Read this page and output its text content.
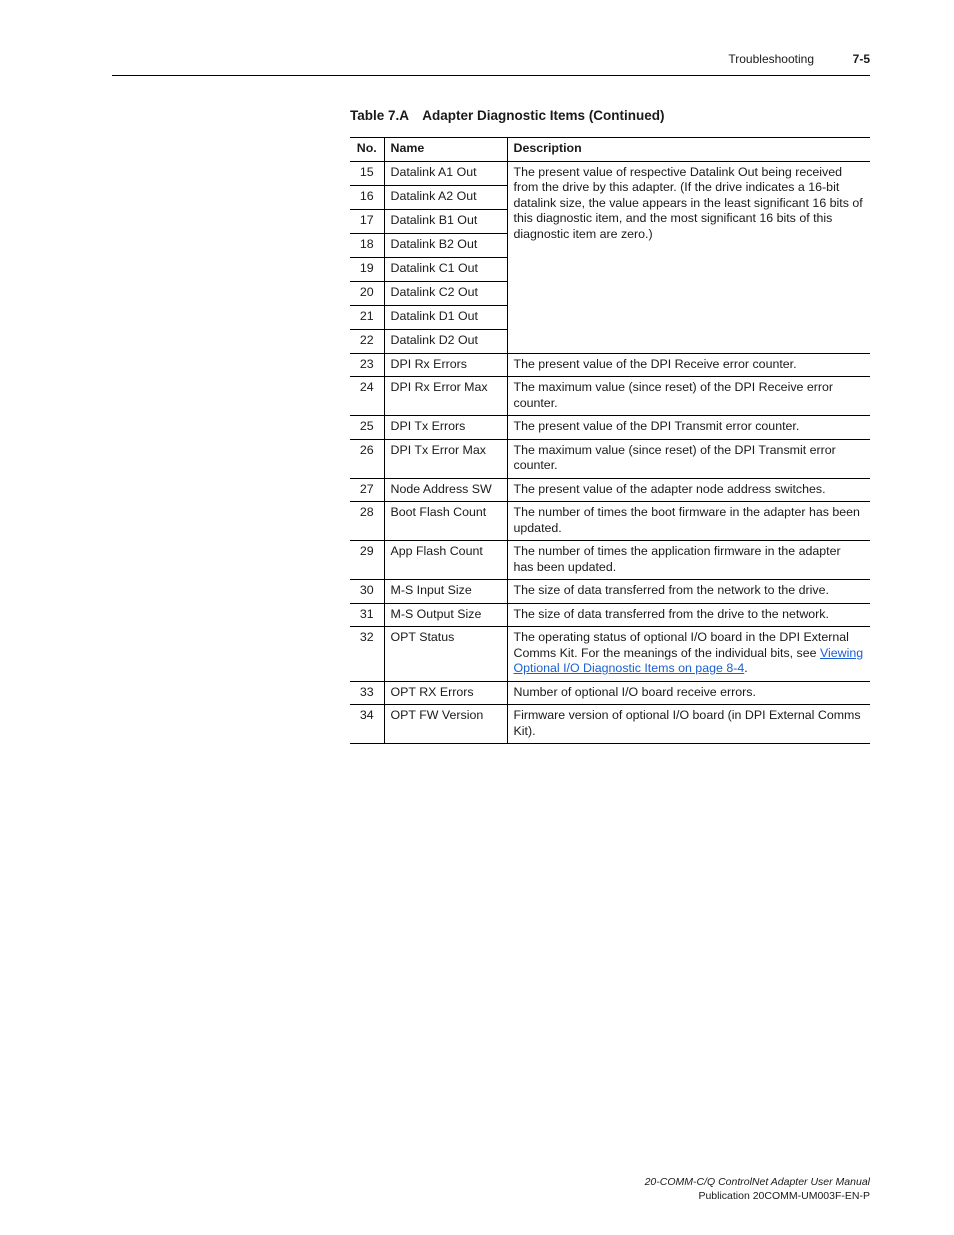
Troubleshooting	7-5
Table 7.A Adapter Diagnostic Items (Continued)
No.	Name	Description
15	Datalink A1 Out	The present value of respective Datalink Out being received from the drive by this adapter. (If the drive indicates a 16-bit datalink size, the value appears in the least significant 16 bits of this diagnostic item, and the most significant 16 bits of this diagnostic item are zero.)
16	Datalink A2 Out	
17	Datalink B1 Out	
18	Datalink B2 Out	
19	Datalink C1 Out	
20	Datalink C2 Out	
21	Datalink D1 Out	
22	Datalink D2 Out	
23	DPI Rx Errors	The present value of the DPI Receive error counter.
24	DPI Rx Error Max	The maximum value (since reset) of the DPI Receive error counter.
25	DPI Tx Errors	The present value of the DPI Transmit error counter.
26	DPI Tx Error Max	The maximum value (since reset) of the DPI Transmit error counter.
27	Node Address SW	The present value of the adapter node address switches.
28	Boot Flash Count	The number of times the boot firmware in the adapter has been updated.
29	App Flash Count	The number of times the application firmware in the adapter has been updated.
30	M-S Input Size	The size of data transferred from the network to the drive.
31	M-S Output Size	The size of data transferred from the drive to the network.
32	OPT Status	The operating status of optional I/O board in the DPI External Comms Kit. For the meanings of the individual bits, see Viewing Optional I/O Diagnostic Items on page 8-4.
33	OPT RX Errors	Number of optional I/O board receive errors.
34	OPT FW Version	Firmware version of optional I/O board (in DPI External Comms Kit).
20-COMM-C/Q ControlNet Adapter User Manual
Publication 20COMM-UM003F-EN-P
